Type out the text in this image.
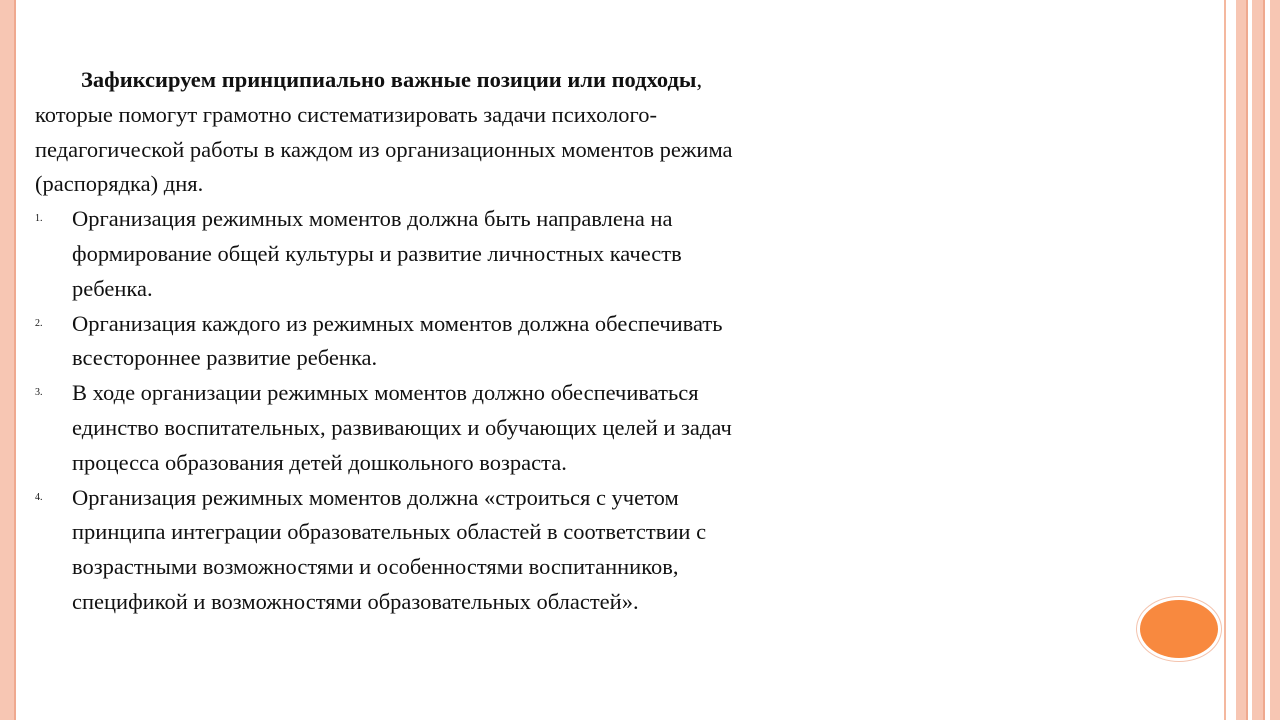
Зафиксируем принципиально важные позиции или подходы, которые помогут грамотно систематизировать задачи психолого-педагогической работы в каждом из организационных моментов режима (распорядка) дня.

1. Организация режимных моментов должна быть направлена на формирование общей культуры и развитие личностных качеств ребенка.
2. Организация каждого из режимных моментов должна обеспечивать всестороннее развитие ребенка.
3. В ходе организации режимных моментов должно обеспечиваться единство воспитательных, развивающих и обучающих целей и задач процесса образования детей дошкольного возраста.
4. Организация режимных моментов должна «строиться с учетом принципа интеграции образовательных областей в соответствии с возрастными возможностями и особенностями воспитанников, спецификой и возможностями образовательных областей».
